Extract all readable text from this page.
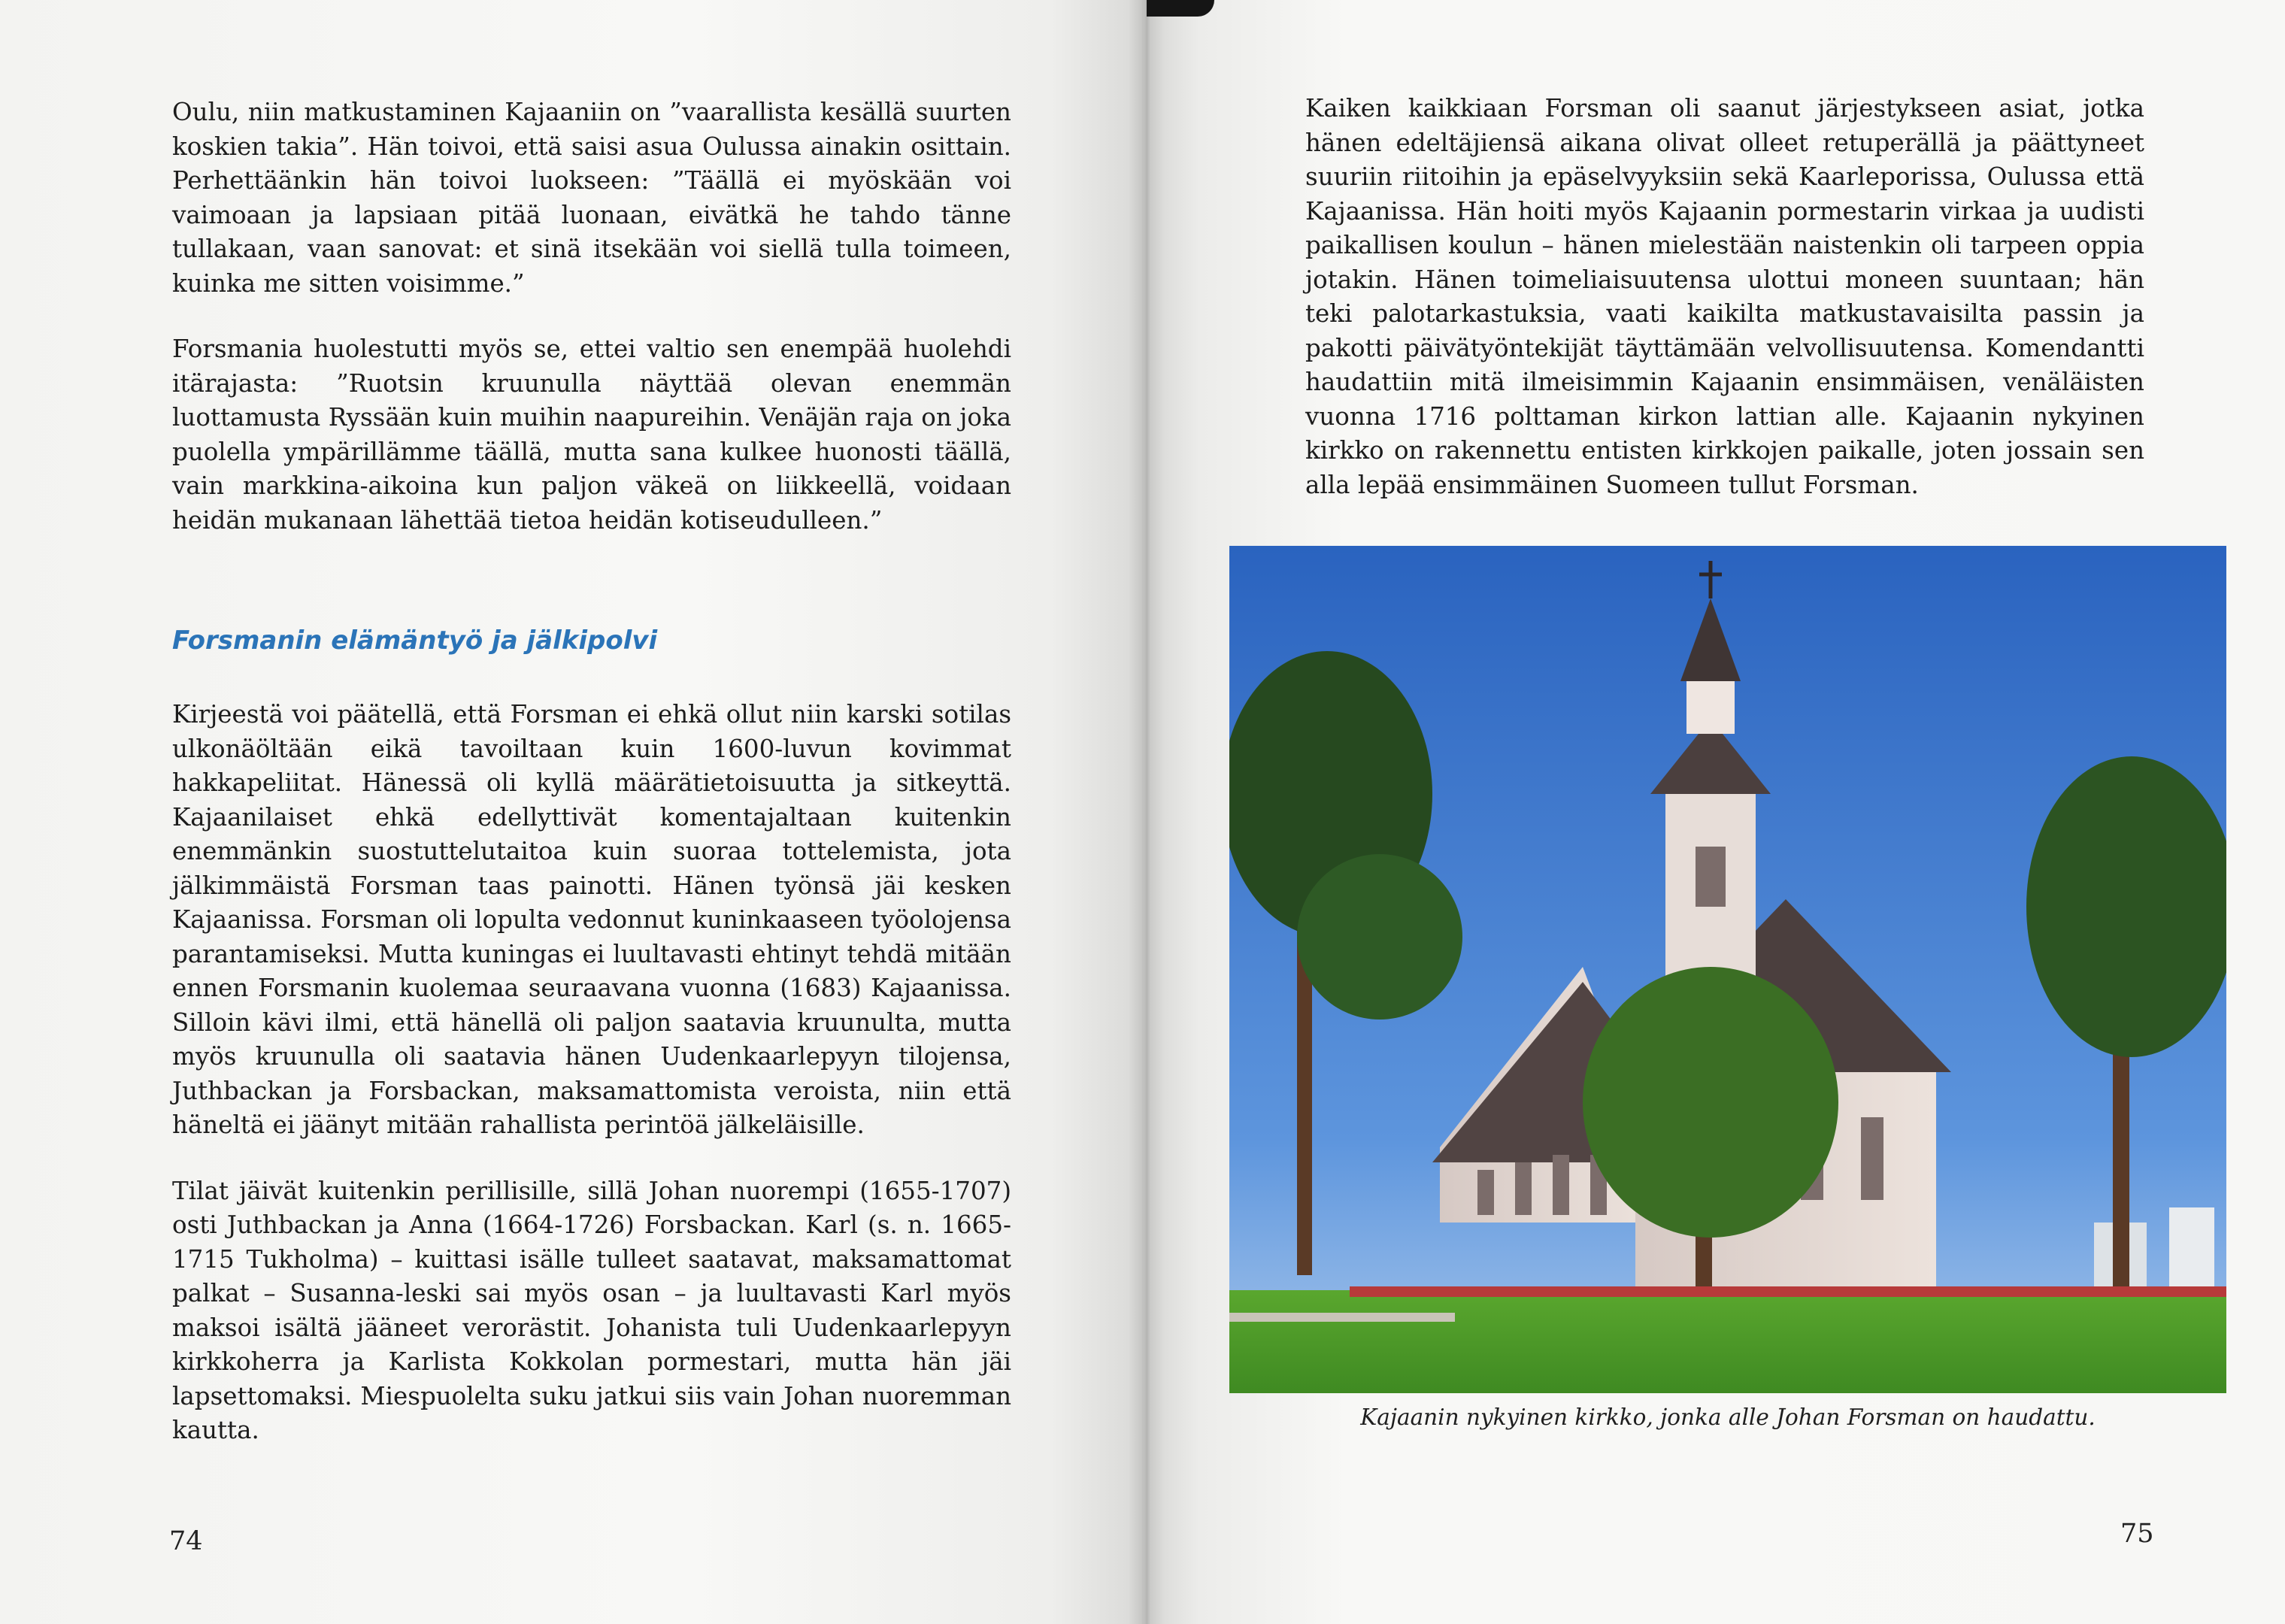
Oulu, niin matkustaminen Kajaaniin on ”vaarallista kesällä suurten koskien takia”. Hän toivoi, että saisi asua Oulussa ainakin osittain. Perhettäänkin hän toivoi luokseen: ”Täällä ei myöskään voi vaimoaan ja lapsiaan pitää luonaan, eivätkä he tahdo tänne tullakaan, vaan sanovat: et sinä itsekään voi siellä tulla toimeen, kuinka me sitten voisimme.”

Forsmania huolestutti myös se, ettei valtio sen enempää huolehdi itärajasta: ”Ruotsin kruunulla näyttää olevan enemmän luottamusta Ryssään kuin muihin naapureihin. Venäjän raja on joka puolella ympärillämme täällä, mutta sana kulkee huonosti täällä, vain markkina-aikoina kun paljon väkeä on liikkeellä, voidaan heidän mukanaan lähettää tietoa heidän kotiseudulleen.”

Forsmanin elämäntyö ja jälkipolvi

Kirjeestä voi päätellä, että Forsman ei ehkä ollut niin karski sotilas ulkonäöltään eikä tavoiltaan kuin 1600-luvun kovimmat hakkapeliitat. Hänessä oli kyllä määrätietoisuutta ja sitkeyttä. Kajaanilaiset ehkä edellyttivät komentajaltaan kuitenkin enemmänkin suostuttelutaitoa kuin suoraa tottelemista, jota jälkimmäistä Forsman taas painotti. Hänen työnsä jäi kesken Kajaanissa. Forsman oli lopulta vedonnut kuninkaaseen työolojensa parantamiseksi. Mutta kuningas ei luultavasti ehtinyt tehdä mitään ennen Forsmanin kuolemaa seuraavana vuonna (1683) Kajaanissa. Silloin kävi ilmi, että hänellä oli paljon saatavia kruunulta, mutta myös kruunulla oli saatavia hänen Uudenkaarlepyyn tilojensa, Juthbackan ja Forsbackan, maksamattomista veroista, niin että häneltä ei jäänyt mitään rahallista perintöä jälkeläisille.

Tilat jäivät kuitenkin perillisille, sillä Johan nuorempi (1655-1707) osti Juthbackan ja Anna (1664-1726) Forsbackan. Karl (s. n. 1665-1715 Tukholma) – kuittasi isälle tulleet saatavat, maksamattomat palkat – Susanna-leski sai myös osan – ja luultavasti Karl myös maksoi isältä jääneet verorästit. Johanista tuli Uudenkaarlepyyn kirkkoherra ja Karlista Kokkolan pormestari, mutta hän jäi lapsettomaksi. Miespuolelta suku jatkui siis vain Johan nuoremman kautta.

74

Kaiken kaikkiaan Forsman oli saanut järjestykseen asiat, jotka hänen edeltäjiensä aikana olivat olleet retuperällä ja päättyneet suuriin riitoihin ja epäselvyyksiin sekä Kaarleporissa, Oulussa että Kajaanissa. Hän hoiti myös Kajaanin pormestarin virkaa ja uudisti paikallisen koulun – hänen mielestään naistenkin oli tarpeen oppia jotakin. Hänen toimeliaisuutensa ulottui moneen suuntaan; hän teki palotarkastuksia, vaati kaikilta matkustavaisilta passin ja pakotti päivätyöntekijät täyttämään velvollisuutensa. Komendantti haudattiin mitä ilmeisimmin Kajaanin ensimmäisen, venäläisten vuonna 1716 polttaman kirkon lattian alle. Kajaanin nykyinen kirkko on rakennettu entisten kirkkojen paikalle, joten jossain sen alla lepää ensimmäinen Suomeen tullut Forsman.

Kajaanin nykyinen kirkko, jonka alle Johan Forsman on haudattu.
75
